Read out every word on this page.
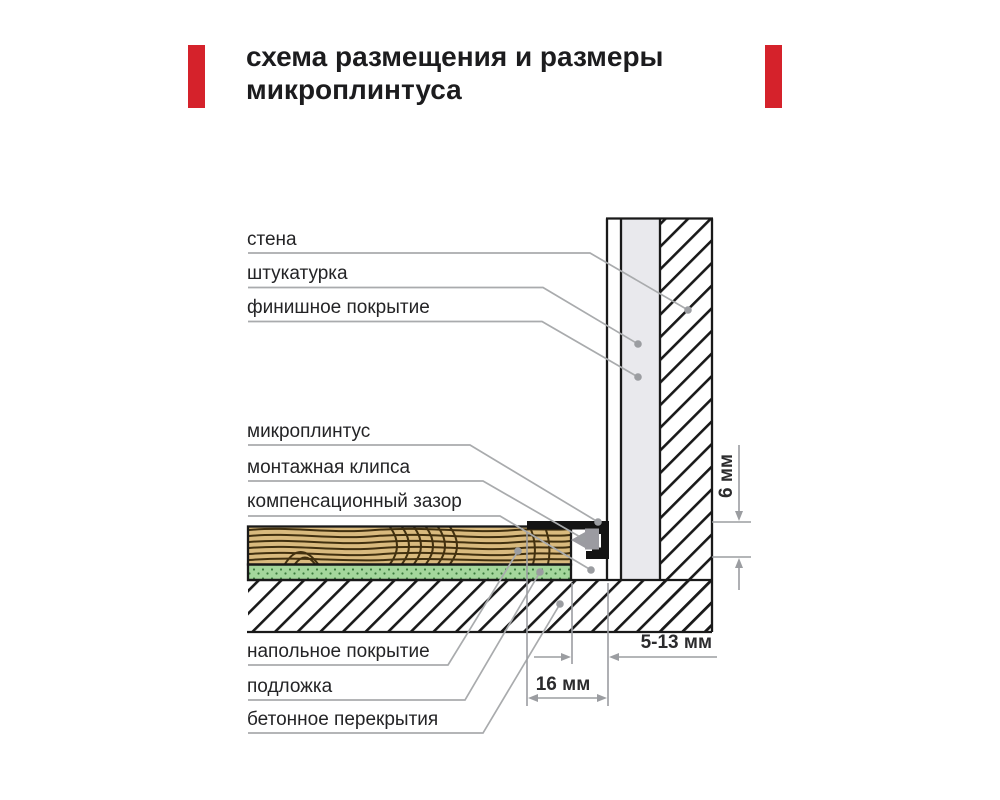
схема размещения и размеры
микроплинтуса
стена
штукатурка
финишное покрытие
микроплинтус
монтажная клипса
компенсационный зазор
напольное покрытие
подложка
бетонное перекрытия
6 мм
5-13 мм
16 мм
